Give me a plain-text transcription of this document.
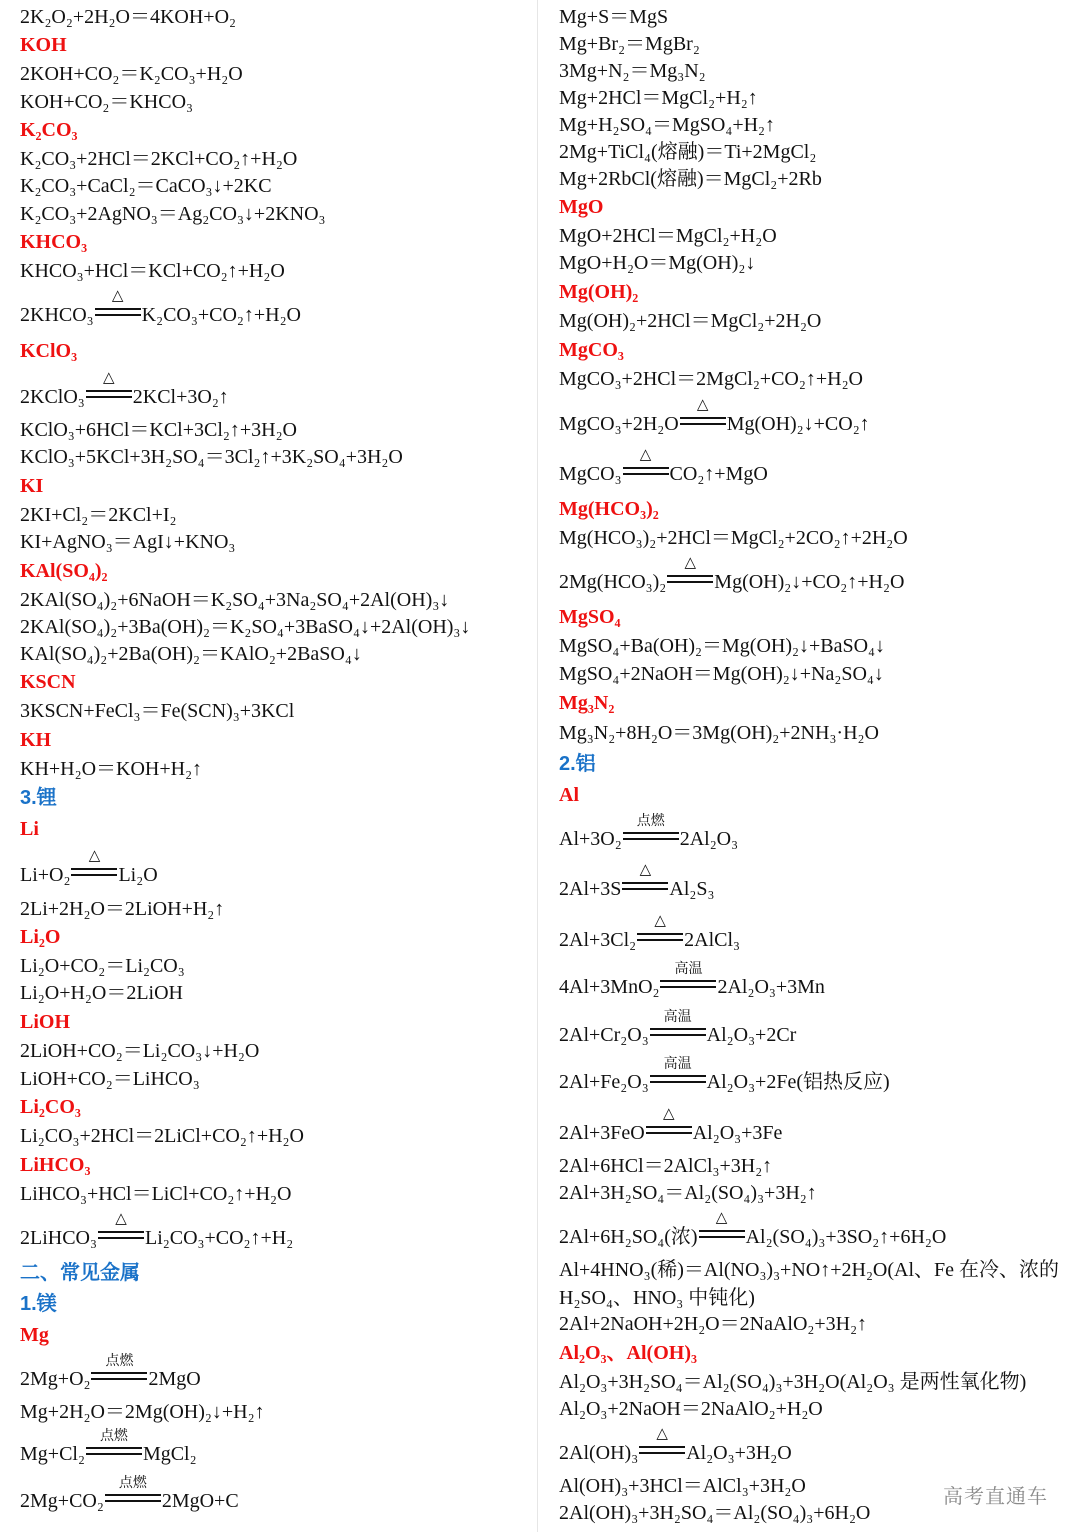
2K₂O₂+2H₂O＝4KOH+O₂
KOH
2KOH+CO₂＝K₂CO₃+H₂O
KOH+CO₂＝KHCO₃
K₂CO₃
K₂CO₃+2HCl＝2KCl+CO₂↑+H₂O
K₂CO₃+CaCl₂＝CaCO₃↓+2KC
K₂CO₃+2AgNO₃＝Ag₂CO₃↓+2KNO₃
KHCO₃
KHCO₃+HCl＝KCl+CO₂↑+H₂O
2KHCO₃
△
K₂CO₃+CO₂↑+H₂O
KClO₃
2KClO₃
△
2KCl+3O₂↑
KClO₃+6HCl＝KCl+3Cl₂↑+3H₂O
KClO₃+5KCl+3H₂SO₄＝3Cl₂↑+3K₂SO₄+3H₂O
KI
2KI+Cl₂＝2KCl+I₂
KI+AgNO₃＝AgI↓+KNO₃
KAl(SO₄)₂
2KAl(SO₄)₂+6NaOH＝K₂SO₄+3Na₂SO₄+2Al(OH)₃↓
2KAl(SO₄)₂+3Ba(OH)₂＝K₂SO₄+3BaSO₄↓+2Al(OH)₃↓
KAl(SO₄)₂+2Ba(OH)₂＝KAlO₂+2BaSO₄↓
KSCN
3KSCN+FeCl₃＝Fe(SCN)₃+3KCl
KH
KH+H₂O＝KOH+H₂↑
3.锂
Li
Li+O₂
△
Li₂O
2Li+2H₂O＝2LiOH+H₂↑
Li₂O
Li₂O+CO₂＝Li₂CO₃
Li₂O+H₂O＝2LiOH
LiOH
2LiOH+CO₂＝Li₂CO₃↓+H₂O
LiOH+CO₂＝LiHCO₃
Li₂CO₃
Li₂CO₃+2HCl＝2LiCl+CO₂↑+H₂O
LiHCO₃
LiHCO₃+HCl＝LiCl+CO₂↑+H₂O
2LiHCO₃
△
Li₂CO₃+CO₂↑+H₂
二、常见金属
1.镁
Mg
2Mg+O₂
点燃
2MgO
Mg+2H₂O＝2Mg(OH)₂↓+H₂↑
Mg+Cl₂
点燃
MgCl₂
2Mg+CO₂
点燃
2MgO+C
Mg+S＝MgS
Mg+Br₂＝MgBr₂
3Mg+N₂＝Mg₃N₂
Mg+2HCl＝MgCl₂+H₂↑
Mg+H₂SO₄＝MgSO₄+H₂↑
2Mg+TiCl₄(熔融)＝Ti+2MgCl₂
Mg+2RbCl(熔融)＝MgCl₂+2Rb
MgO
MgO+2HCl＝MgCl₂+H₂O
MgO+H₂O＝Mg(OH)₂↓
Mg(OH)₂
Mg(OH)₂+2HCl＝MgCl₂+2H₂O
MgCO₃
MgCO₃+2HCl＝2MgCl₂+CO₂↑+H₂O
MgCO₃+2H₂O
△
Mg(OH)₂↓+CO₂↑
MgCO₃
△
CO₂↑+MgO
Mg(HCO₃)₂
Mg(HCO₃)₂+2HCl＝MgCl₂+2CO₂↑+2H₂O
2Mg(HCO₃)₂
△
Mg(OH)₂↓+CO₂↑+H₂O
MgSO₄
MgSO₄+Ba(OH)₂＝Mg(OH)₂↓+BaSO₄↓
MgSO₄+2NaOH＝Mg(OH)₂↓+Na₂SO₄↓
Mg₃N₂
Mg₃N₂+8H₂O＝3Mg(OH)₂+2NH₃·H₂O
2.铝
Al
Al+3O₂
点燃
2Al₂O₃
2Al+3S
△
Al₂S₃
2Al+3Cl₂
△
2AlCl₃
4Al+3MnO₂
高温
2Al₂O₃+3Mn
2Al+Cr₂O₃
高温
Al₂O₃+2Cr
2Al+Fe₂O₃
高温
Al₂O₃+2Fe(铝热反应)
2Al+3FeO
△
Al₂O₃+3Fe
2Al+6HCl＝2AlCl₃+3H₂↑
2Al+3H₂SO₄＝Al₂(SO₄)₃+3H₂↑
2Al+6H₂SO₄(浓)
△
Al₂(SO₄)₃+3SO₂↑+6H₂O
Al+4HNO₃(稀)＝Al(NO₃)₃+NO↑+2H₂O(Al、Fe 在冷、浓的 H₂SO₄、HNO₃ 中钝化)
2Al+2NaOH+2H₂O＝2NaAlO₂+3H₂↑
Al₂O₃、Al(OH)₃
Al₂O₃+3H₂SO₄＝Al₂(SO₄)₃+3H₂O(Al₂O₃ 是两性氧化物)
Al₂O₃+2NaOH＝2NaAlO₂+H₂O
2Al(OH)₃
△
Al₂O₃+3H₂O
Al(OH)₃+3HCl＝AlCl₃+3H₂O
2Al(OH)₃+3H₂SO₄＝Al₂(SO₄)₃+6H₂O
高考直通车
